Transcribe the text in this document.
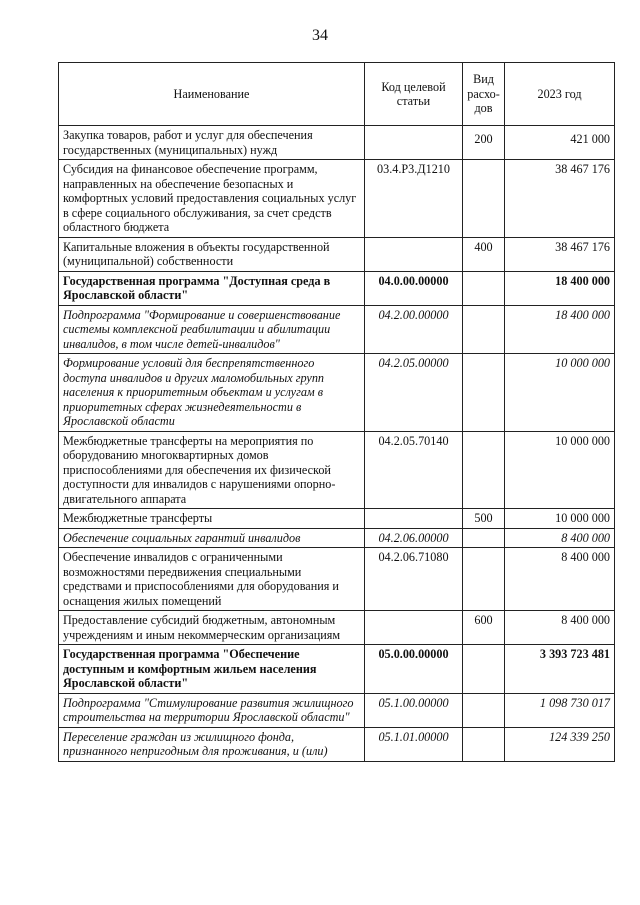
34
Наименование	Код целевой статьи	Вид расхо- дов	2023 год
Закупка товаров, работ и услуг для обеспечения государственных (муниципальных) нужд		200	421 000
Субсидия на финансовое обеспечение программ, направленных на обеспечение безопасных и комфортных условий предоставления социальных услуг в сфере социального обслуживания, за счет средств областного бюджета	03.4.Р3.Д1210		38 467 176
Капитальные вложения в объекты государственной (муниципальной) собственности		400	38 467 176
Государственная программа "Доступная среда в Ярославской области"	04.0.00.00000		18 400 000
Подпрограмма "Формирование и совершенствование системы комплексной реабилитации и абилитации инвалидов, в том числе детей-инвалидов"	04.2.00.00000		18 400 000
Формирование условий для беспрепятственного доступа инвалидов и других маломобильных групп населения к приоритетным объектам и услугам в приоритетных сферах жизнедеятельности в Ярославской области	04.2.05.00000		10 000 000
Межбюджетные трансферты на мероприятия по оборудованию многоквартирных домов приспособлениями для обеспечения их физической доступности для инвалидов с нарушениями опорно-двигательного аппарата	04.2.05.70140		10 000 000
Межбюджетные трансферты		500	10 000 000
Обеспечение социальных гарантий инвалидов	04.2.06.00000		8 400 000
Обеспечение инвалидов с ограниченными возможностями передвижения специальными средствами и приспособлениями для оборудования и оснащения жилых помещений	04.2.06.71080		8 400 000
Предоставление субсидий бюджетным, автономным учреждениям и иным некоммерческим организациям		600	8 400 000
Государственная программа "Обеспечение доступным и комфортным жильем населения Ярославской области"	05.0.00.00000		3 393 723 481
Подпрограмма "Стимулирование развития жилищного строительства на территории Ярославской области"	05.1.00.00000		1 098 730 017
Переселение граждан из жилищного фонда, признанного непригодным для проживания, и (или)	05.1.01.00000		124 339 250
